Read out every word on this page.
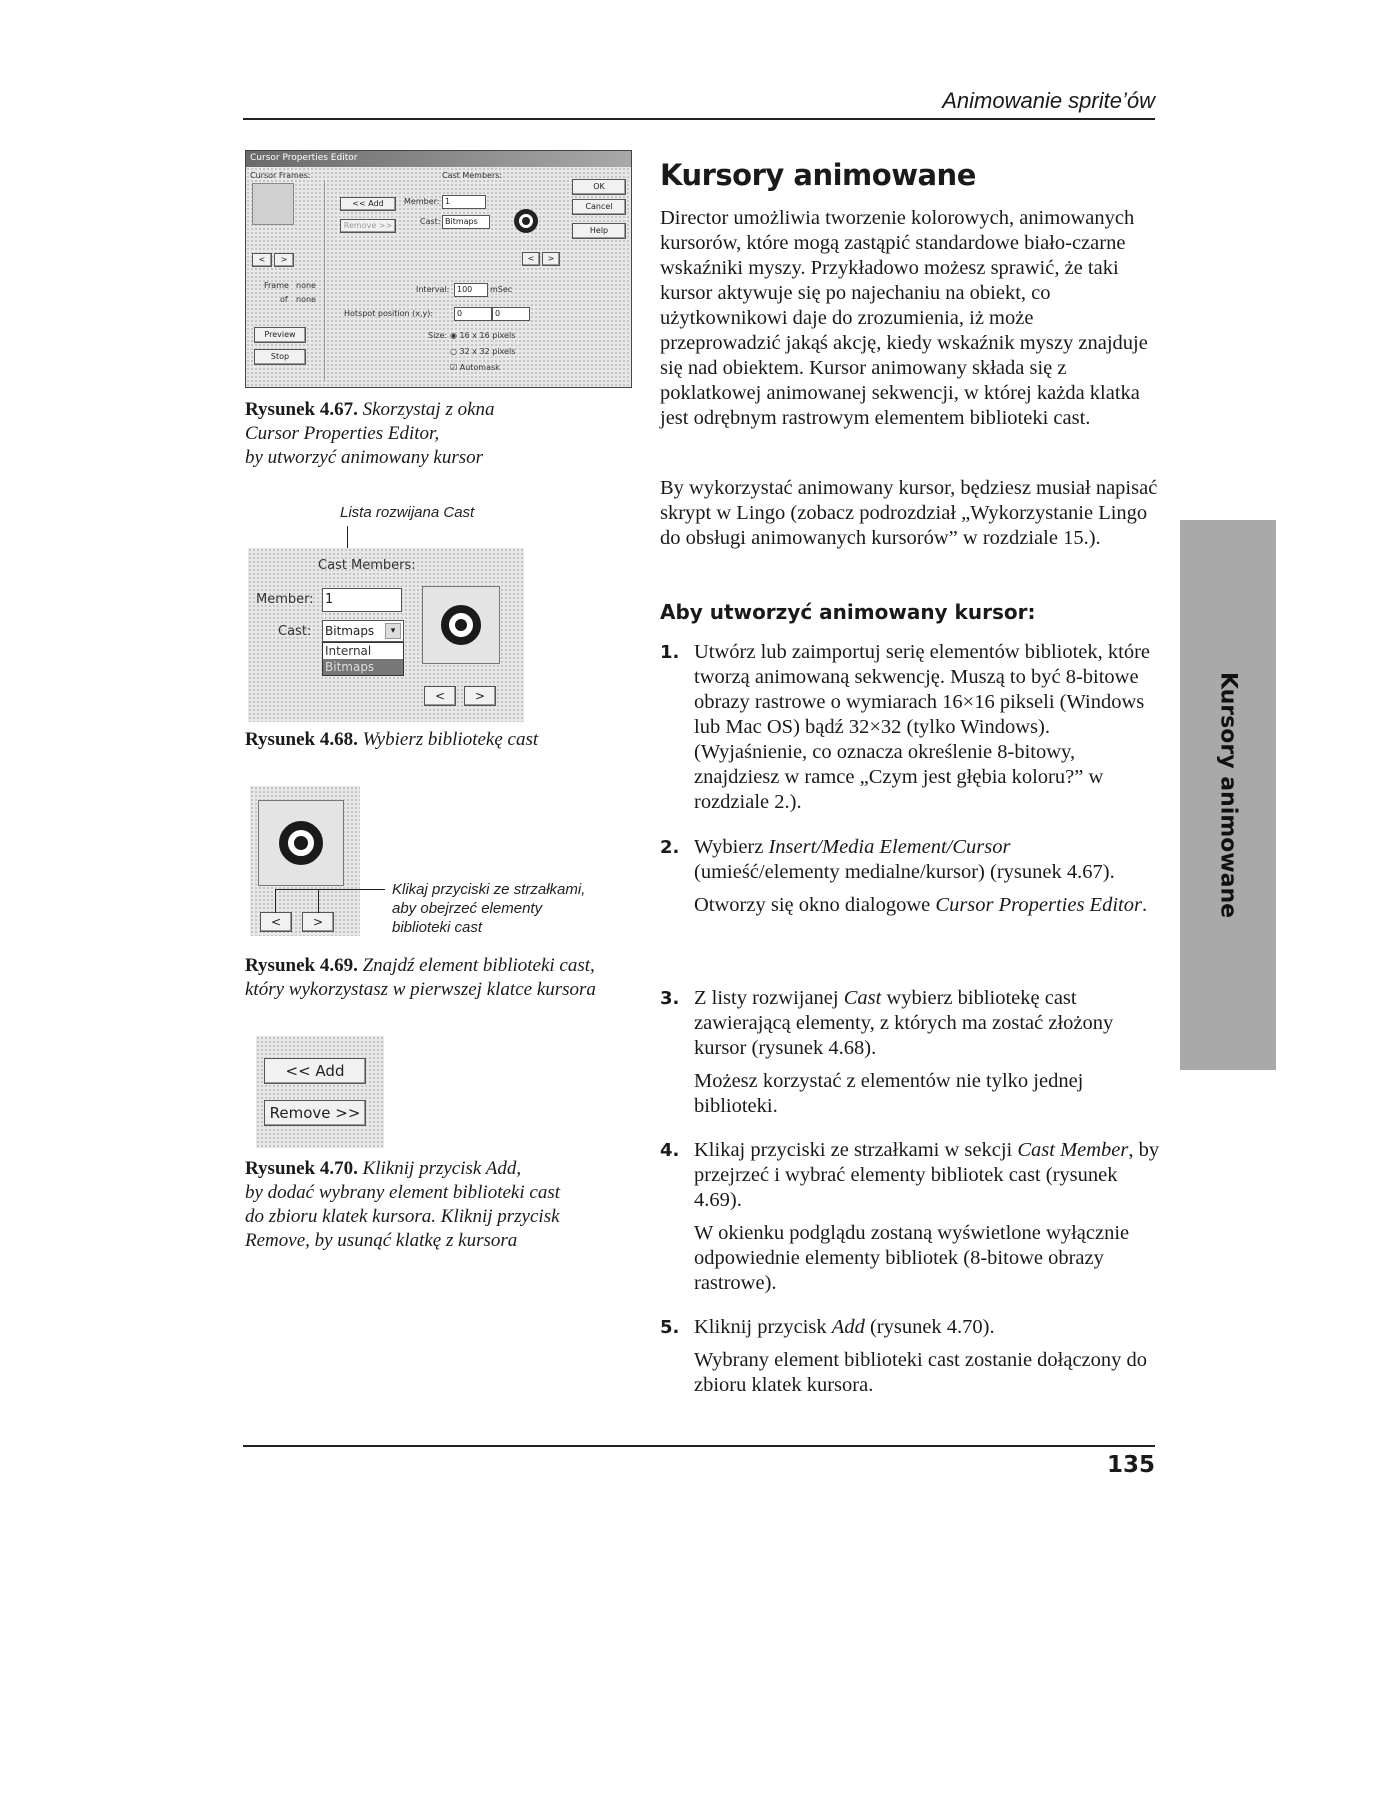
Animowanie sprite’ów
135
Kursory animowane
Cursor Properties Editor
Cursor Frames:	Cast Members:
<	>
Frame none
of none
Preview
Stop
<< Add
Remove >>
Member: 1
Cast: Bitmaps
<	>
OK
Cancel
Help
Interval: 100	mSec
Hotspot position (x,y):	0	0
Size: ◉ 16 x 16 pixels
○ 32 x 32 pixels
☑ Automask
Rysunek 4.67. Skorzystaj z okna
Cursor Properties Editor,
by utworzyć animowany kursor
Lista rozwijana Cast
Cast Members:
Member: 1
Cast: Bitmaps	▾
Internal
Bitmaps
<	>
Rysunek 4.68. Wybierz bibliotekę cast
<	>
Klikaj przyciski ze strzałkami,
aby obejrzeć elementy
biblioteki cast
Rysunek 4.69. Znajdź element biblioteki cast,
który wykorzystasz w pierwszej klatce kursora
<< Add
Remove >>
Rysunek 4.70. Kliknij przycisk Add,
by dodać wybrany element biblioteki cast
do zbioru klatek kursora. Kliknij przycisk
Remove, by usunąć klatkę z kursora
Kursory animowane

Director umożliwia tworzenie kolorowych, animowanych kursorów, które mogą zastąpić standardowe biało-czarne wskaźniki myszy. Przykładowo możesz sprawić, że taki kursor aktywuje się po najechaniu na obiekt, co użytkownikowi daje do zrozumienia, iż może przeprowadzić jakąś akcję, kiedy wskaźnik myszy znajduje się nad obiektem. Kursor animowany składa się z poklatkowej animowanej sekwencji, w której każda klatka jest odrębnym rastrowym elementem biblioteki cast.

By wykorzystać animowany kursor, będziesz musiał napisać skrypt w Lingo (zobacz podrozdział „Wykorzystanie Lingo do obsługi animowanych kursorów” w rozdziale 15.).

Aby utworzyć animowany kursor:
1. Utwórz lub zaimportuj serię elementów bibliotek, które tworzą animowaną sekwencję. Muszą to być 8-bitowe obrazy rastrowe o wymiarach 16×16 pikseli (Windows lub Mac OS) bądź 32×32 (tylko Windows). (Wyjaśnienie, co oznacza określenie 8-bitowy, znajdziesz w ramce „Czym jest głębia koloru?” w rozdziale 2.).
2. Wybierz Insert/Media Element/Cursor (umieść/elementy medialne/kursor) (rysunek 4.67).
Otworzy się okno dialogowe Cursor Properties Editor.
3. Z listy rozwijanej Cast wybierz bibliotekę cast zawierającą elementy, z których ma zostać złożony kursor (rysunek 4.68).
Możesz korzystać z elementów nie tylko jednej biblioteki.
4. Klikaj przyciski ze strzałkami w sekcji Cast Member, by przejrzeć i wybrać elementy bibliotek cast (rysunek 4.69).
W okienku podglądu zostaną wyświetlone wyłącznie odpowiednie elementy bibliotek (8-bitowe obrazy rastrowe).
5. Kliknij przycisk Add (rysunek 4.70).
Wybrany element biblioteki cast zostanie dołączony do zbioru klatek kursora.
